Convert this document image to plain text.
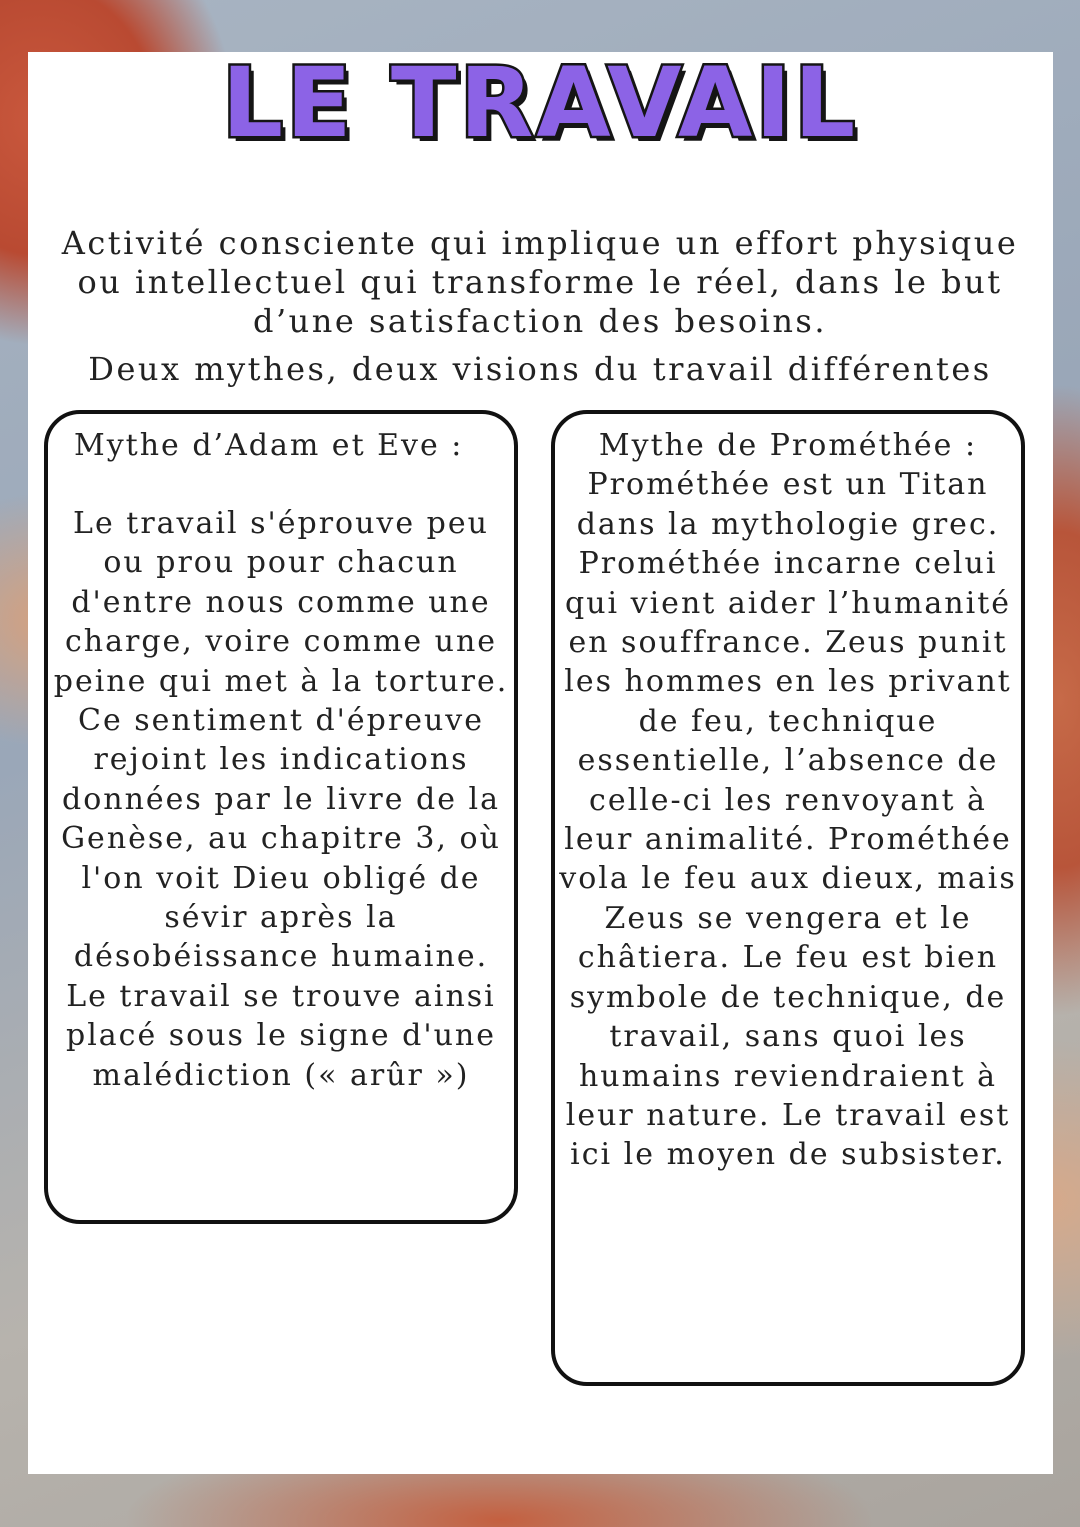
LE TRAVAIL

Activité consciente qui implique un effort physique ou intellectuel qui transforme le réel, dans le but d’une satisfaction des besoins.

Deux mythes, deux visions du travail différentes
Mythe d’Adam et Eve :

Le travail s'éprouve peu ou prou pour chacun d'entre nous comme une charge, voire comme une peine qui met à la torture. Ce sentiment d'épreuve rejoint les indications données par le livre de la Genèse, au chapitre 3, où l'on voit Dieu obligé de sévir après la désobéissance humaine. Le travail se trouve ainsi placé sous le signe d'une malédiction (« arûr »)

Mythe de Prométhée :

Prométhée est un Titan dans la mythologie grec. Prométhée incarne celui qui vient aider l’humanité en souffrance. Zeus punit les hommes en les privant de feu, technique essentielle, l’absence de celle-ci les renvoyant à leur animalité. Prométhée vola le feu aux dieux, mais Zeus se vengera et le châtiera. Le feu est bien symbole de technique, de travail, sans quoi les humains reviendraient à leur nature. Le travail est ici le moyen de subsister.
